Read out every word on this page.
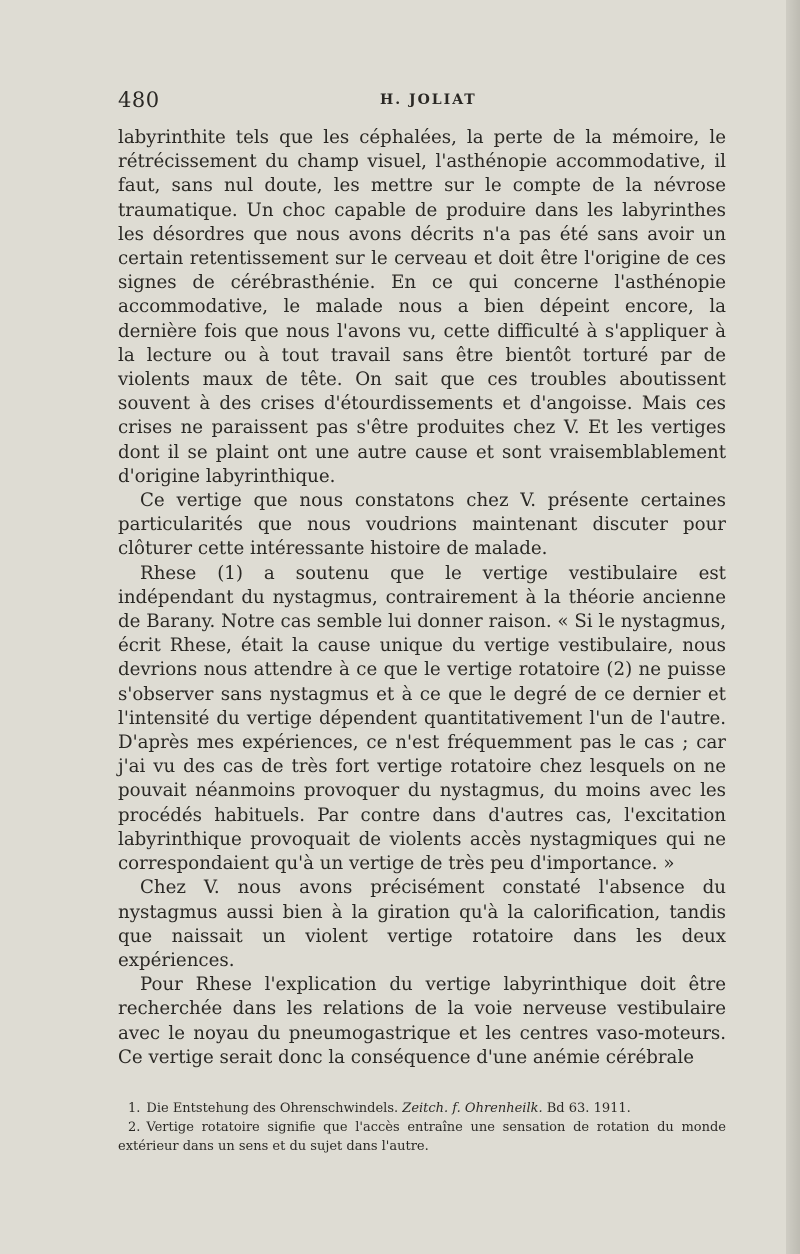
480	H. JOLIAT

labyrinthite tels que les céphalées, la perte de la mémoire, le rétrécissement du champ visuel, l'asthénopie accommodative, il faut, sans nul doute, les mettre sur le compte de la névrose traumatique. Un choc capable de produire dans les labyrinthes les désordres que nous avons décrits n'a pas été sans avoir un certain retentissement sur le cerveau et doit être l'origine de ces signes de cérébrasthénie. En ce qui concerne l'asthénopie accommodative, le malade nous a bien dépeint encore, la dernière fois que nous l'avons vu, cette difficulté à s'appliquer à la lecture ou à tout travail sans être bientôt torturé par de violents maux de tête. On sait que ces troubles aboutissent souvent à des crises d'étourdissements et d'angoisse. Mais ces crises ne paraissent pas s'être produites chez V. Et les vertiges dont il se plaint ont une autre cause et sont vraisemblablement d'origine labyrinthique.

Ce vertige que nous constatons chez V. présente certaines particularités que nous voudrions maintenant discuter pour clôturer cette intéressante histoire de malade.

Rhese (1) a soutenu que le vertige vestibulaire est indépendant du nystagmus, contrairement à la théorie ancienne de Barany. Notre cas semble lui donner raison. « Si le nystagmus, écrit Rhese, était la cause unique du vertige vestibulaire, nous devrions nous attendre à ce que le vertige rotatoire (2) ne puisse s'observer sans nystagmus et à ce que le degré de ce dernier et l'intensité du vertige dépendent quantitativement l'un de l'autre. D'après mes expériences, ce n'est fréquemment pas le cas ; car j'ai vu des cas de très fort vertige rotatoire chez lesquels on ne pouvait néanmoins provoquer du nystagmus, du moins avec les procédés habituels. Par contre dans d'autres cas, l'excitation labyrinthique provoquait de violents accès nystagmiques qui ne correspondaient qu'à un vertige de très peu d'importance. »

Chez V. nous avons précisément constaté l'absence du nystagmus aussi bien à la giration qu'à la calorification, tandis que naissait un violent vertige rotatoire dans les deux expériences.

Pour Rhese l'explication du vertige labyrinthique doit être recherchée dans les relations de la voie nerveuse vestibulaire avec le noyau du pneumogastrique et les centres vaso-moteurs. Ce vertige serait donc la conséquence d'une anémie cérébrale

1. Die Entstehung des Ohrenschwindels. Zeitch. f. Ohrenheilk. Bd 63. 1911.

2. Vertige rotatoire signifie que l'accès entraîne une sensation de rotation du monde extérieur dans un sens et du sujet dans l'autre.
